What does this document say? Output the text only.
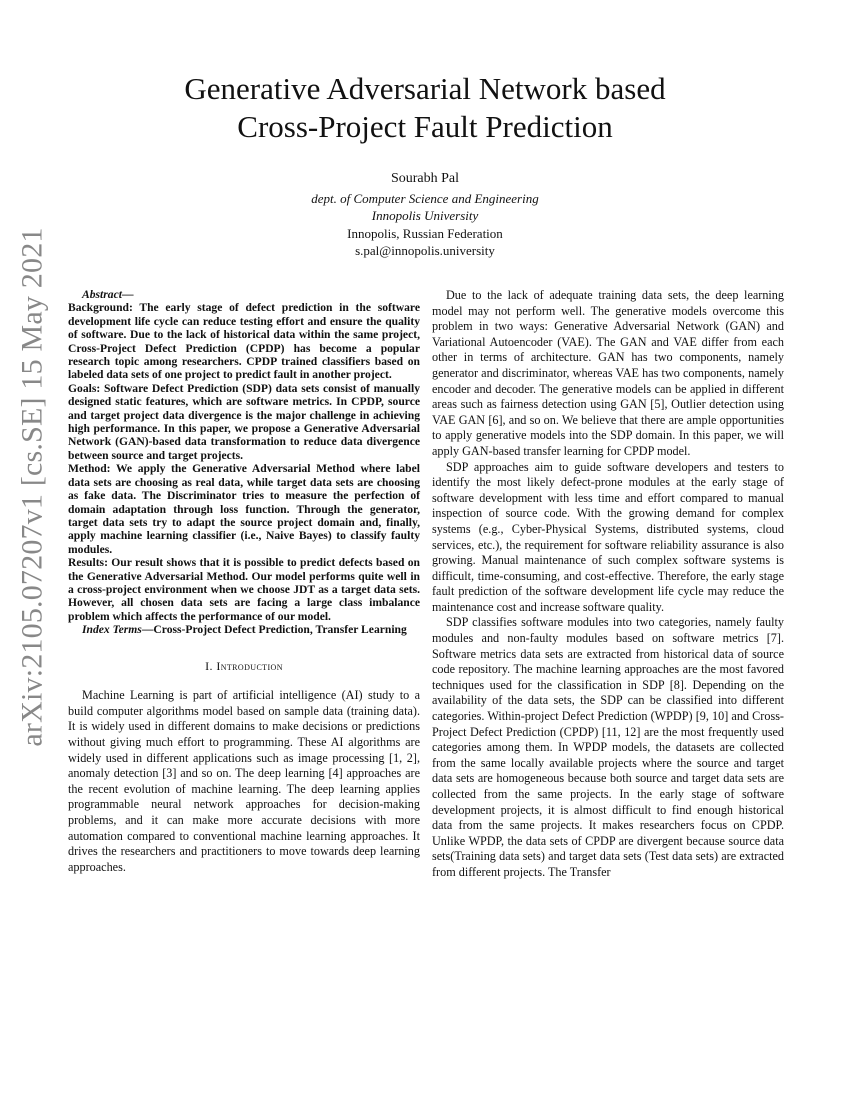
arXiv:2105.07207v1 [cs.SE] 15 May 2021
Generative Adversarial Network based
Cross-Project Fault Prediction
Sourabh Pal
dept. of Computer Science and Engineering
Innopolis University
Innopolis, Russian Federation
s.pal@innopolis.university

Abstract—

Background: The early stage of defect prediction in the software development life cycle can reduce testing effort and ensure the quality of software. Due to the lack of historical data within the same project, Cross-Project Defect Prediction (CPDP) has become a popular research topic among researchers. CPDP trained classifiers based on labeled data sets of one project to predict fault in another project.

Goals: Software Defect Prediction (SDP) data sets consist of manually designed static features, which are software metrics. In CPDP, source and target project data divergence is the major challenge in achieving high performance. In this paper, we propose a Generative Adversarial Network (GAN)-based data transformation to reduce data divergence between source and target projects.

Method: We apply the Generative Adversarial Method where label data sets are choosing as real data, while target data sets are choosing as fake data. The Discriminator tries to measure the perfection of domain adaptation through loss function. Through the generator, target data sets try to adapt the source project domain and, finally, apply machine learning classifier (i.e., Naive Bayes) to classify faulty modules.

Results: Our result shows that it is possible to predict defects based on the Generative Adversarial Method. Our model performs quite well in a cross-project environment when we choose JDT as a target data sets. However, all chosen data sets are facing a large class imbalance problem which affects the performance of our model.

Index Terms—Cross-Project Defect Prediction, Transfer Learning

I. Introduction

Machine Learning is part of artificial intelligence (AI) study to a build computer algorithms model based on sample data (training data). It is widely used in different domains to make decisions or predictions without giving much effort to programming. These AI algorithms are widely used in different applications such as image processing [1, 2], anomaly detection [3] and so on. The deep learning [4] approaches are the recent evolution of machine learning. The deep learning applies programmable neural network approaches for decision-making problems, and it can make more accurate decisions with more automation compared to conventional machine learning approaches. It drives the researchers and practitioners to move towards deep learning approaches.

Due to the lack of adequate training data sets, the deep learning model may not perform well. The generative models overcome this problem in two ways: Generative Adversarial Network (GAN) and Variational Autoencoder (VAE). The GAN and VAE differ from each other in terms of architecture. GAN has two components, namely generator and discriminator, whereas VAE has two components, namely encoder and decoder. The generative models can be applied in different areas such as fairness detection using GAN [5], Outlier detection using VAE GAN [6], and so on. We believe that there are ample opportunities to apply generative models into the SDP domain. In this paper, we will apply GAN-based transfer learning for CPDP model.

SDP approaches aim to guide software developers and testers to identify the most likely defect-prone modules at the early stage of software development with less time and effort compared to manual inspection of source code. With the growing demand for complex systems (e.g., Cyber-Physical Systems, distributed systems, cloud services, etc.), the requirement for software reliability assurance is also growing. Manual maintenance of such complex software systems is difficult, time-consuming, and cost-effective. Therefore, the early stage fault prediction of the software development life cycle may reduce the maintenance cost and increase software quality.

SDP classifies software modules into two categories, namely faulty modules and non-faulty modules based on software metrics [7]. Software metrics data sets are extracted from historical data of source code repository. The machine learning approaches are the most favored techniques used for the classification in SDP [8]. Depending on the availability of the data sets, the SDP can be classified into different categories. Within-project Defect Prediction (WPDP) [9, 10] and Cross-Project Defect Prediction (CPDP) [11, 12] are the most frequently used categories among them. In WPDP models, the datasets are collected from the same locally available projects where the source and target data sets are homogeneous because both source and target data sets are collected from the same projects. In the early stage of software development projects, it is almost difficult to find enough historical data from the same projects. It makes researchers focus on CPDP. Unlike WPDP, the data sets of CPDP are divergent because source data sets(Training data sets) and target data sets (Test data sets) are extracted from different projects. The Transfer
